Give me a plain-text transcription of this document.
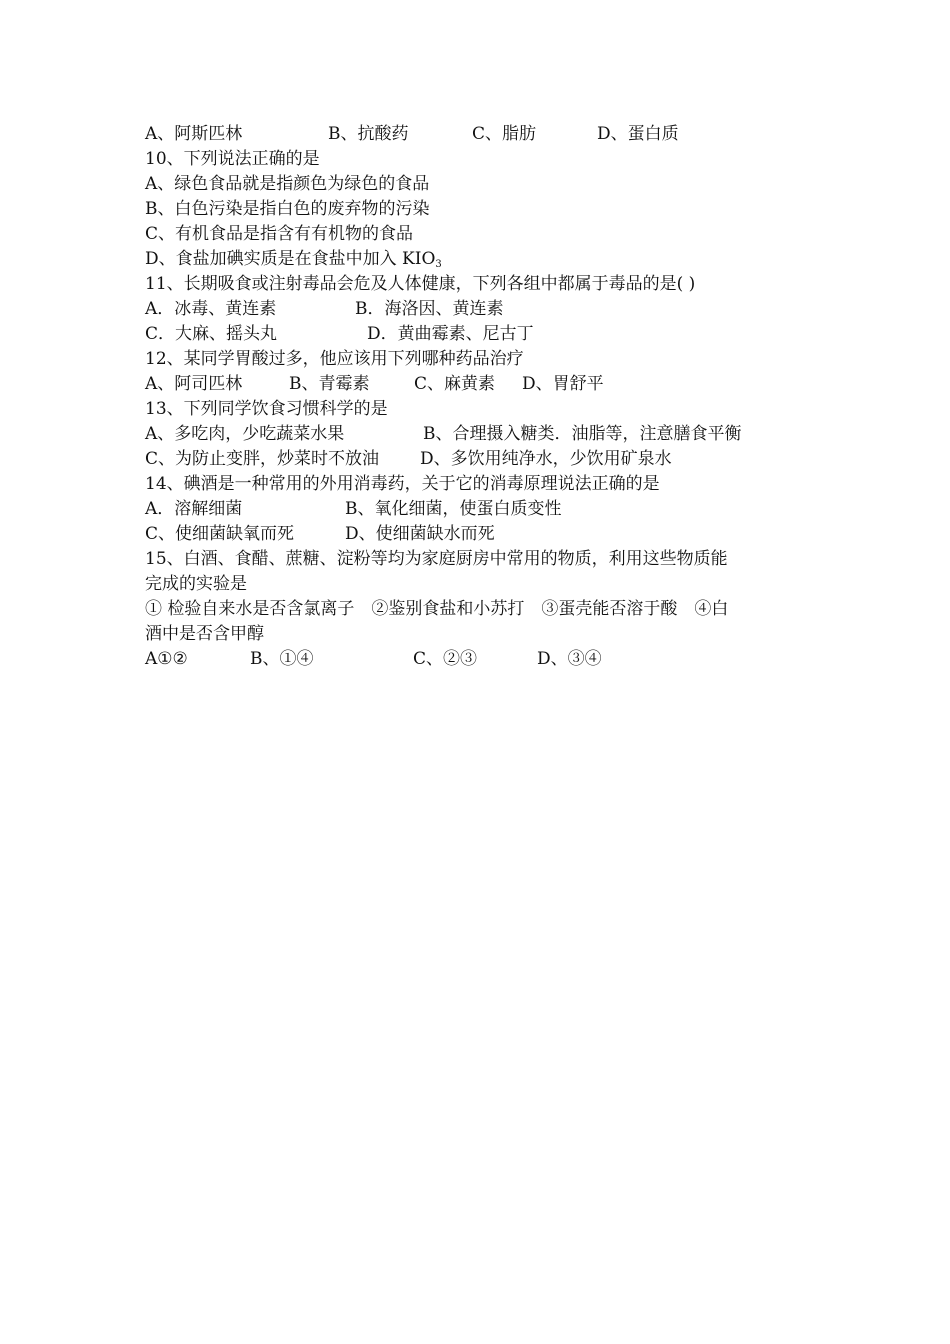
A、阿斯匹林	B、抗酸药	C、脂肪	D、蛋白质
10、下列说法正确的是
A、绿色食品就是指颜色为绿色的食品
B、白色污染是指白色的废弃物的污染
C、有机食品是指含有有机物的食品
D、食盐加碘实质是在食盐中加入 $KIO_3$
11、长期吸食或注射毒品会危及人体健康，下列各组中都属于毒品的是( )
A．冰毒、黄连素	B．海洛因、黄连素
C．大麻、摇头丸	D．黄曲霉素、尼古丁
12、某同学胃酸过多，他应该用下列哪种药品治疗
A、阿司匹林	B、青霉素	C、麻黄素 D、胃舒平
13、下列同学饮食习惯科学的是
A、多吃肉，少吃蔬菜水果	B、合理摄入糖类．油脂等，注意膳食平衡
C、为防止变胖，炒菜时不放油 D、多饮用纯净水，少饮用矿泉水
14、碘酒是一种常用的外用消毒药，关于它的消毒原理说法正确的是
A．溶解细菌	B、氧化细菌，使蛋白质变性
C、使细菌缺氧而死	D、使细菌缺水而死
15、白酒、食醋、蔗糖、淀粉等均为家庭厨房中常用的物质，利用这些物质能
完成的实验是
① 检验自来水是否含氯离子　②鉴别食盐和小苏打　③蛋壳能否溶于酸　④白
酒中是否含甲醇
A①②	B、①④	C、②③	D、③④
